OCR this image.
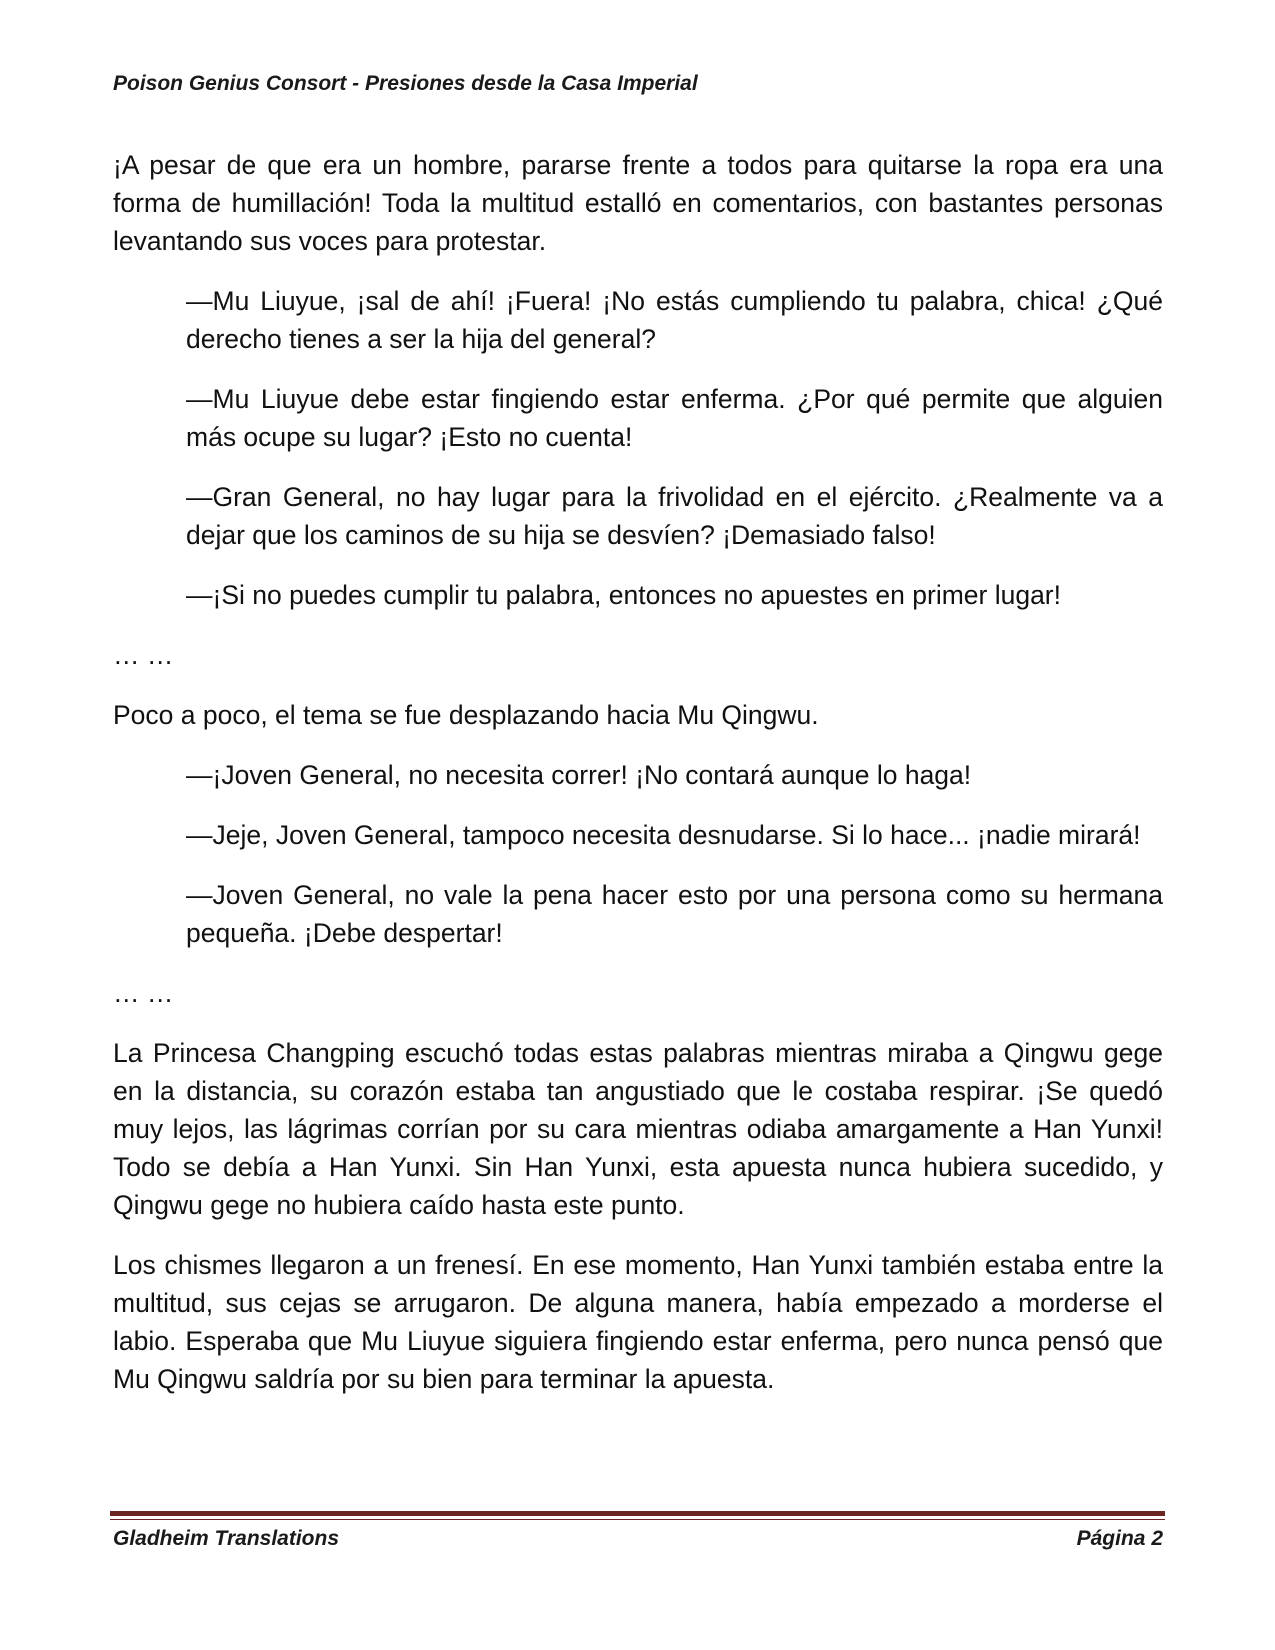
Poison Genius Consort - Presiones desde la Casa Imperial

¡A pesar de que era un hombre, pararse frente a todos para quitarse la ropa era una forma de humillación! Toda la multitud estalló en comentarios, con bastantes personas levantando sus voces para protestar.

—Mu Liuyue, ¡sal de ahí! ¡Fuera! ¡No estás cumpliendo tu palabra, chica! ¿Qué derecho tienes a ser la hija del general?

—Mu Liuyue debe estar fingiendo estar enferma. ¿Por qué permite que alguien más ocupe su lugar? ¡Esto no cuenta!

—Gran General, no hay lugar para la frivolidad en el ejército. ¿Realmente va a dejar que los caminos de su hija se desvíen? ¡Demasiado falso!

—¡Si no puedes cumplir tu palabra, entonces no apuestes en primer lugar!

… …

Poco a poco, el tema se fue desplazando hacia Mu Qingwu.

—¡Joven General, no necesita correr! ¡No contará aunque lo haga!

—Jeje, Joven General, tampoco necesita desnudarse. Si lo hace... ¡nadie mirará!

—Joven General, no vale la pena hacer esto por una persona como su hermana pequeña. ¡Debe despertar!

… …

La Princesa Changping escuchó todas estas palabras mientras miraba a Qingwu gege en la distancia, su corazón estaba tan angustiado que le costaba respirar. ¡Se quedó muy lejos, las lágrimas corrían por su cara mientras odiaba amargamente a Han Yunxi! Todo se debía a Han Yunxi. Sin Han Yunxi, esta apuesta nunca hubiera sucedido, y Qingwu gege no hubiera caído hasta este punto.

Los chismes llegaron a un frenesí. En ese momento, Han Yunxi también estaba entre la multitud, sus cejas se arrugaron. De alguna manera, había empezado a morderse el labio. Esperaba que Mu Liuyue siguiera fingiendo estar enferma, pero nunca pensó que Mu Qingwu saldría por su bien para terminar la apuesta.

Gladheim Translations	Página 2
